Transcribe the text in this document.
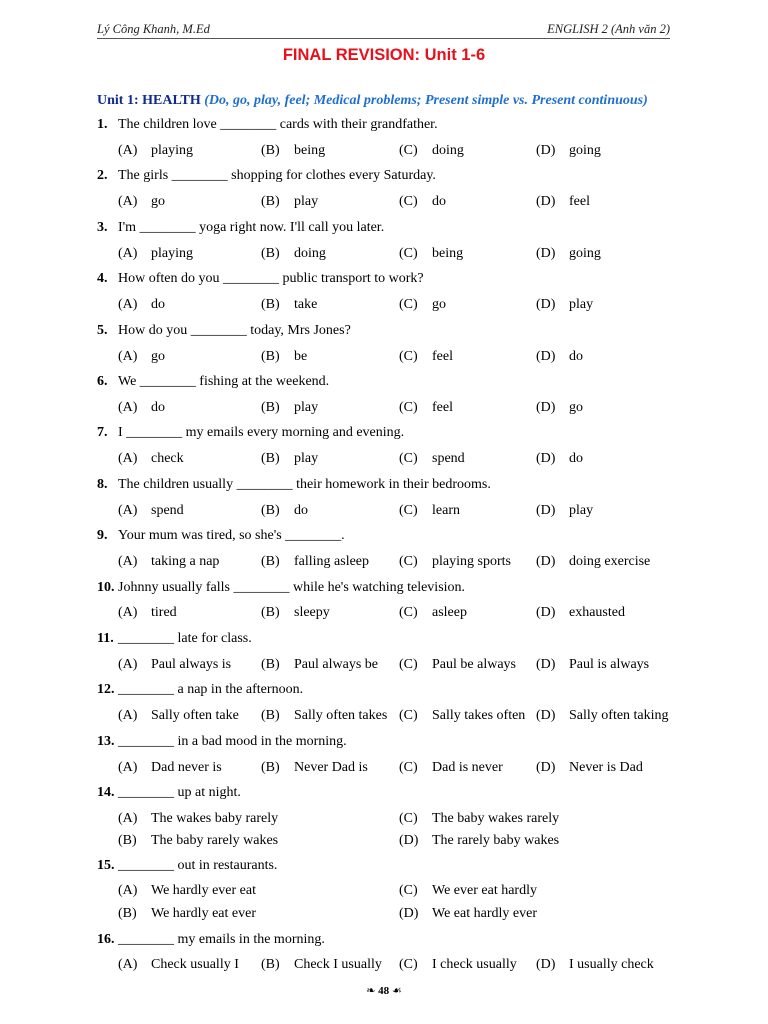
Lý Công Khanh, M.Ed	ENGLISH 2 (Anh văn 2)
FINAL REVISION: Unit 1-6
Unit 1: HEALTH (Do, go, play, feel; Medical problems; Present simple vs. Present continuous)
1. The children love ________ cards with their grandfather.
(A) playing	(B) being	(C) doing	(D) going
2. The girls ________ shopping for clothes every Saturday.
(A) go	(B) play	(C) do	(D) feel
3. I'm ________ yoga right now. I'll call you later.
(A) playing	(B) doing	(C) being	(D) going
4. How often do you ________ public transport to work?
(A) do	(B) take	(C) go	(D) play
5. How do you ________ today, Mrs Jones?
(A) go	(B) be	(C) feel	(D) do
6. We ________ fishing at the weekend.
(A) do	(B) play	(C) feel	(D) go
7. I ________ my emails every morning and evening.
(A) check	(B) play	(C) spend	(D) do
8. The children usually ________ their homework in their bedrooms.
(A) spend	(B) do	(C) learn	(D) play
9. Your mum was tired, so she's ________.
(A) taking a nap	(B) falling asleep (C) playing sports (D) doing exercise
10. Johnny usually falls ________ while he's watching television.
(A) tired	(B) sleepy	(C) asleep	(D) exhausted
11. ________ late for class.
(A) Paul always is (B) Paul always be (C) Paul be always (D) Paul is always
12. ________ a nap in the afternoon.
(A) Sally often take (B) Sally often takes (C) Sally takes often (D) Sally often taking
13. ________ in a bad mood in the morning.
(A) Dad never is	(B) Never Dad is (C) Dad is never (D) Never is Dad
14. ________ up at night.
(A) The wakes baby rarely
(B) The baby rarely wakes
(C) The baby wakes rarely
(D) The rarely baby wakes
15. ________ out in restaurants.
(A) We hardly ever eat
(B) We hardly eat ever
(C) We ever eat hardly
(D) We eat hardly ever
16. ________ my emails in the morning.
(A) Check usually I (B) Check I usually (C) I check usually (D) I usually check
❧ 48 ☙
